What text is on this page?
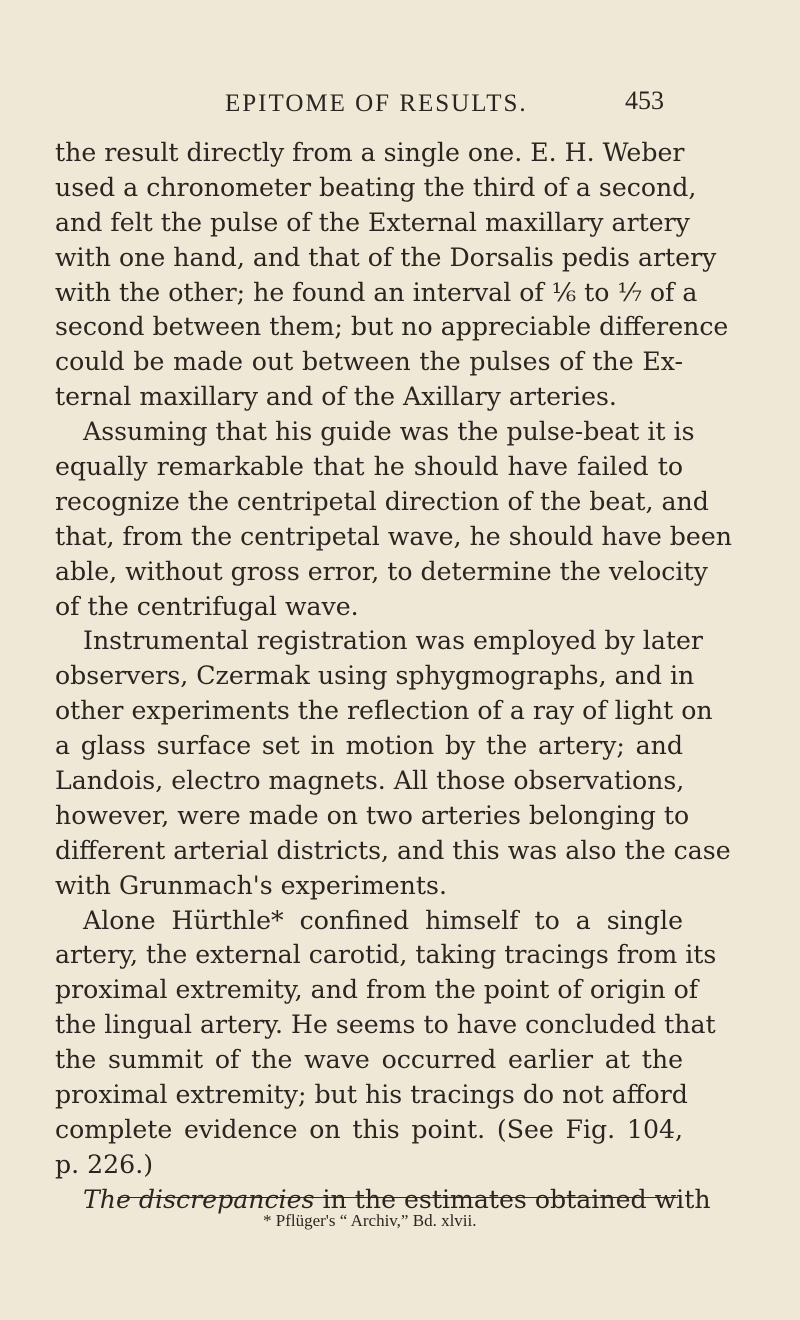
EPITOME OF RESULTS.	453
the result directly from a single one. E. H. Weber
used a chronometer beating the third of a second,
and felt the pulse of the External maxillary artery
with one hand, and that of the Dorsalis pedis artery
with the other; he found an interval of ⅙ to ⅐ of a
second between them; but no appreciable difference
could be made out between the pulses of the Ex-
ternal maxillary and of the Axillary arteries.
Assuming that his guide was the pulse-beat it is
equally remarkable that he should have failed to
recognize the centripetal direction of the beat, and
that, from the centripetal wave, he should have been
able, without gross error, to determine the velocity
of the centrifugal wave.
Instrumental registration was employed by later
observers, Czermak using sphygmographs, and in
other experiments the reflection of a ray of light on
a glass surface set in motion by the artery; and
Landois, electro magnets. All those observations,
however, were made on two arteries belonging to
different arterial districts, and this was also the case
with Grunmach's experiments.
Alone Hürthle* confined himself to a single
artery, the external carotid, taking tracings from its
proximal extremity, and from the point of origin of
the lingual artery. He seems to have concluded that
the summit of the wave occurred earlier at the
proximal extremity; but his tracings do not afford
complete evidence on this point. (See Fig. 104,
p. 226.)
The discrepancies in the estimates obtained with
* Pflüger's “ Archiv,” Bd. xlvii.
